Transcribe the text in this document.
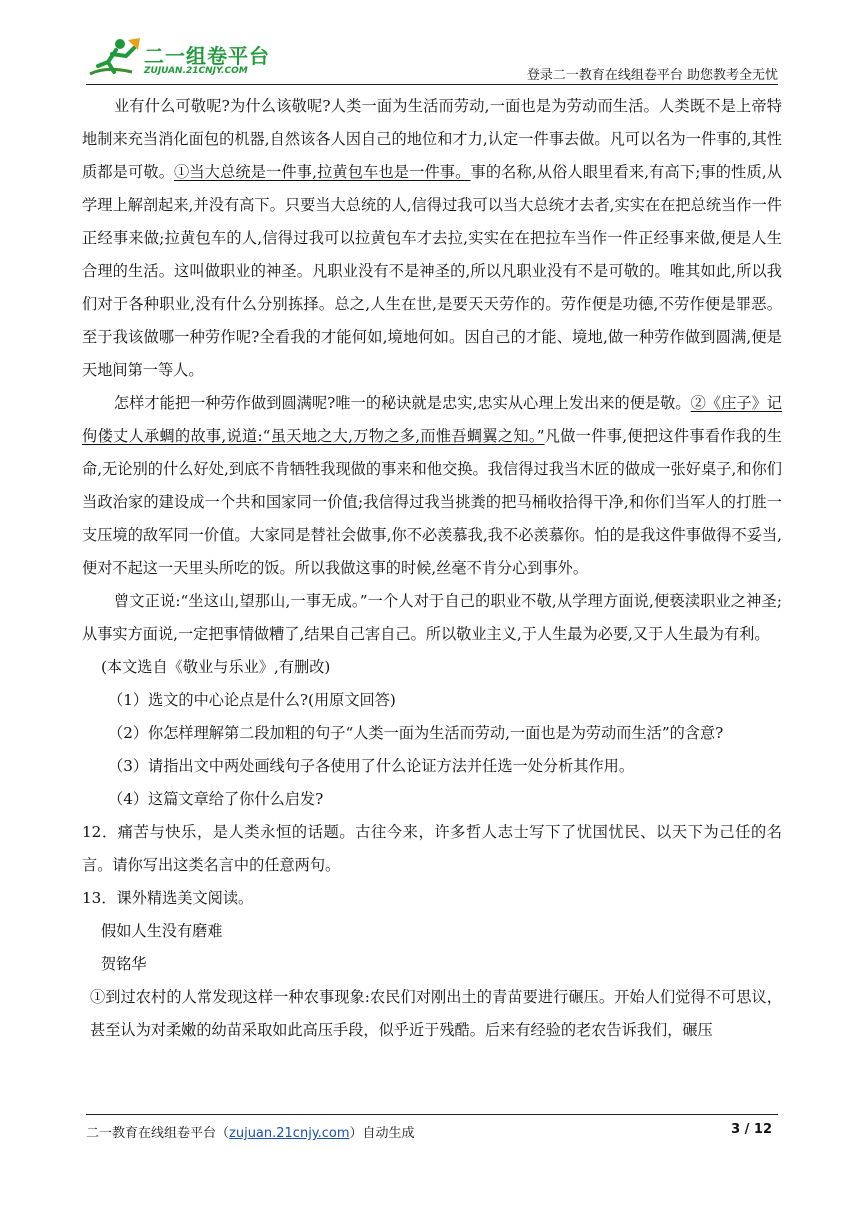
二一组卷平台
ZUJUAN.21CNJY.COM	登录二一教育在线组卷平台 助您教考全无忧

业有什么可敬呢?为什么该敬呢?人类一面为生活而劳动,一面也是为劳动而生活。人类既不是上帝特地制来充当消化面包的机器,自然该各人因自己的地位和才力,认定一件事去做。凡可以名为一件事的,其性质都是可敬。①当大总统是一件事,拉黄包车也是一件事。事的名称,从俗人眼里看来,有高下;事的性质,从学理上解剖起来,并没有高下。只要当大总统的人,信得过我可以当大总统才去者,实实在在把总统当作一件正经事来做;拉黄包车的人,信得过我可以拉黄包车才去拉,实实在在把拉车当作一件正经事来做,便是人生合理的生活。这叫做职业的神圣。凡职业没有不是神圣的,所以凡职业没有不是可敬的。唯其如此,所以我们对于各种职业,没有什么分别拣择。总之,人生在世,是要天天劳作的。劳作便是功德,不劳作便是罪恶。至于我该做哪一种劳作呢?全看我的才能何如,境地何如。因自己的才能、境地,做一种劳作做到圆满,便是天地间第一等人。

怎样才能把一种劳作做到圆满呢?唯一的秘诀就是忠实,忠实从心理上发出来的便是敬。②《庄子》记佝偻丈人承蜩的故事,说道:“虽天地之大,万物之多,而惟吾蜩翼之知。”凡做一件事,便把这件事看作我的生命,无论别的什么好处,到底不肯牺牲我现做的事来和他交换。我信得过我当木匠的做成一张好桌子,和你们当政治家的建设成一个共和国家同一价值;我信得过我当挑粪的把马桶收拾得干净,和你们当军人的打胜一支压境的敌军同一价值。大家同是替社会做事,你不必羡慕我,我不必羡慕你。怕的是我这件事做得不妥当,便对不起这一天里头所吃的饭。所以我做这事的时候,丝毫不肯分心到事外。

曾文正说:“坐这山,望那山,一事无成。”一个人对于自己的职业不敬,从学理方面说,便亵渎职业之神圣;从事实方面说,一定把事情做糟了,结果自己害自己。所以敬业主义,于人生最为必要,又于人生最为有利。

(本文选自《敬业与乐业》,有删改)

（1）选文的中心论点是什么?(用原文回答)

（2）你怎样理解第二段加粗的句子“人类一面为生活而劳动,一面也是为劳动而生活”的含意?

（3）请指出文中两处画线句子各使用了什么论证方法并任选一处分析其作用。

（4）这篇文章给了你什么启发?

12．痛苦与快乐，是人类永恒的话题。古往今来，许多哲人志士写下了忧国忧民、以天下为己任的名言。请你写出这类名言中的任意两句。

13．课外精选美文阅读。

假如人生没有磨难

贺铭华

①到过农村的人常发现这样一种农事现象:农民们对刚出土的青苗要进行碾压。开始人们觉得不可思议，甚至认为对柔嫩的幼苗采取如此高压手段，似乎近于残酷。后来有经验的老农告诉我们，碾压

二一教育在线组卷平台（zujuan.21cnjy.com）自动生成	3 / 12
